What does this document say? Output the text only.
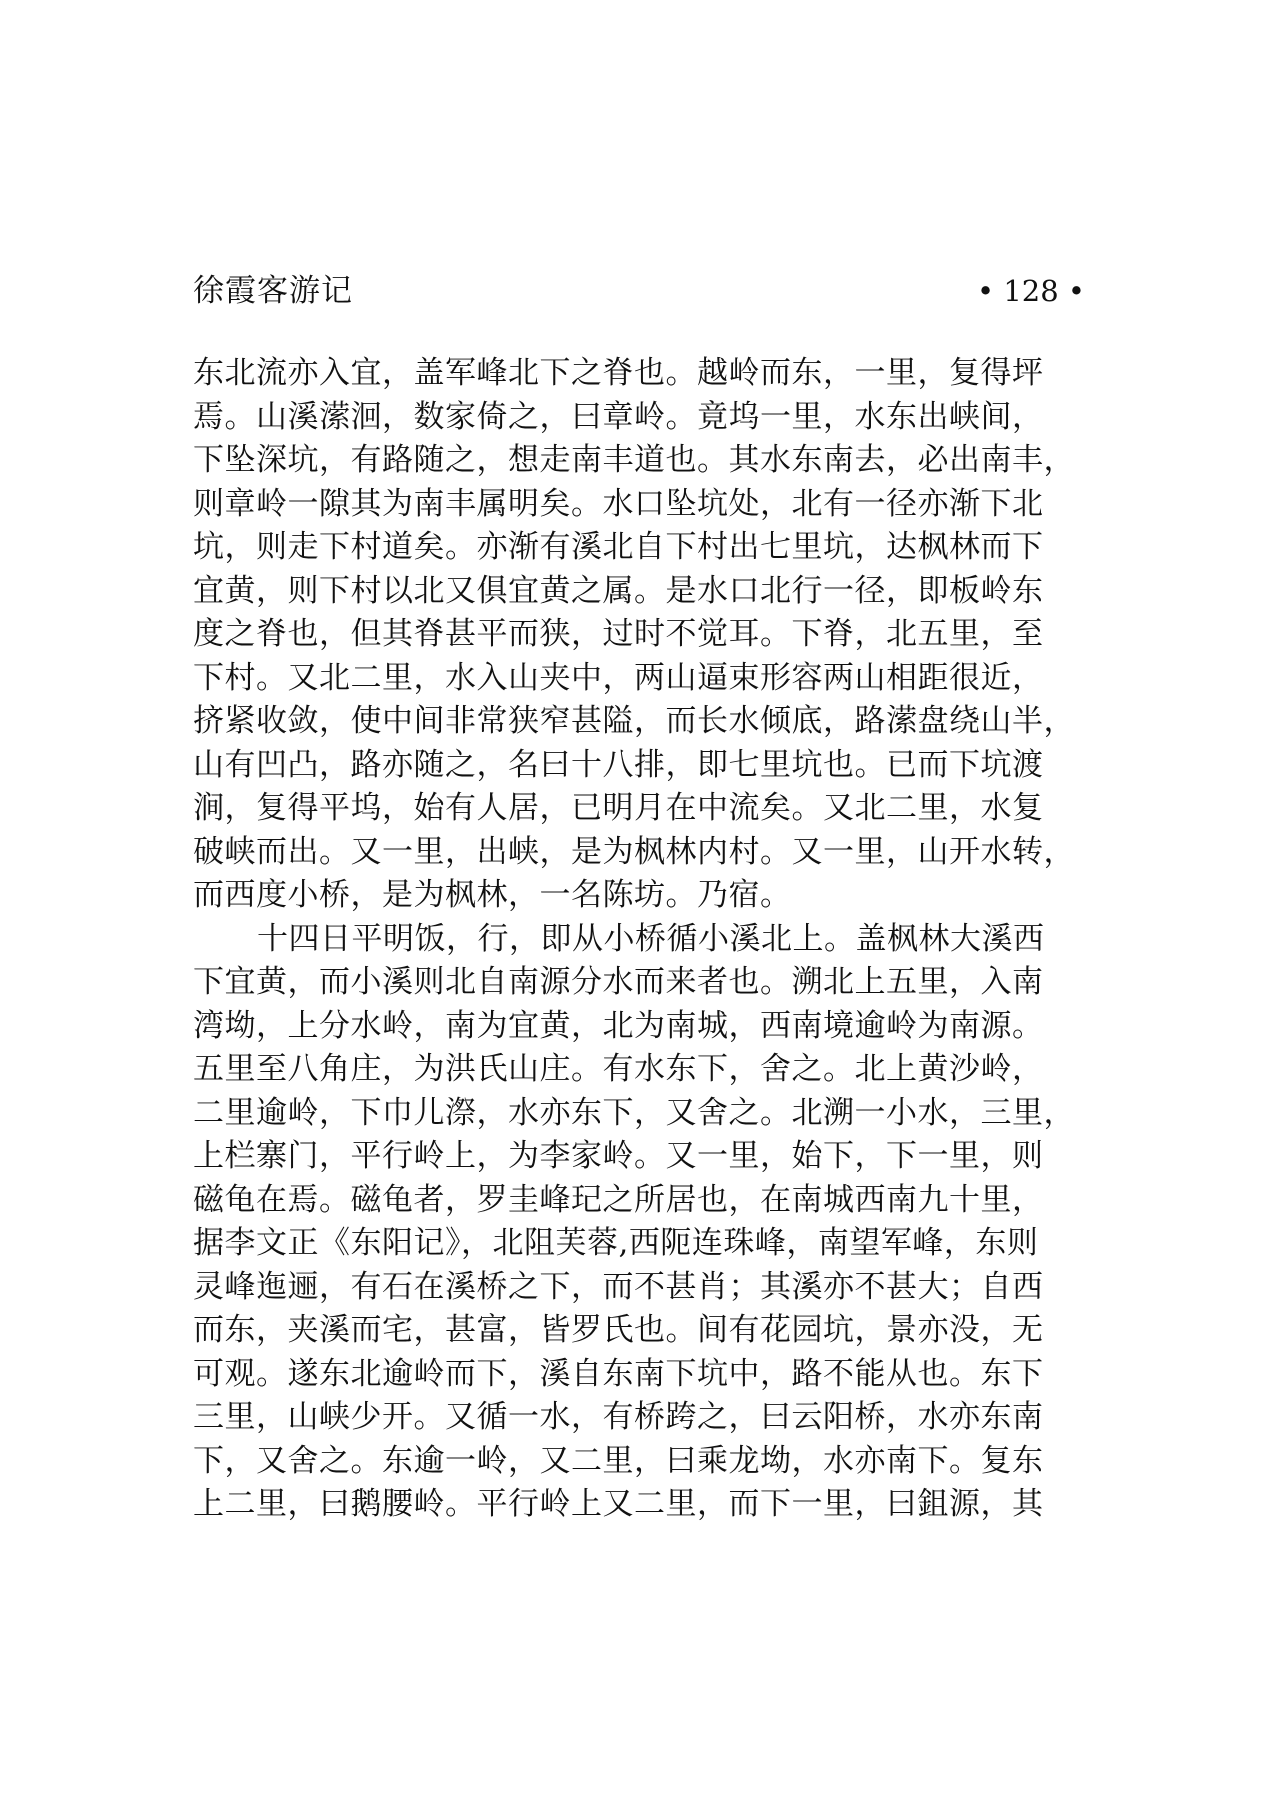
徐霞客游记	• 128 •
东北流亦入宜，盖军峰北下之脊也。越岭而东，一里，复得坪
焉。山溪潆洄，数家倚之，曰章岭。竟坞一里，水东出峡间，
下坠深坑，有路随之，想走南丰道也。其水东南去，必出南丰，
则章岭一隙其为南丰属明矣。水口坠坑处，北有一径亦渐下北
坑，则走下村道矣。亦渐有溪北自下村出七里坑，达枫林而下
宜黄，则下村以北又俱宜黄之属。是水口北行一径，即板岭东
度之脊也，但其脊甚平而狭，过时不觉耳。下脊，北五里，至
下村。又北二里，水入山夹中，两山逼束形容两山相距很近，
挤紧收敛，使中间非常狭窄甚隘，而长水倾底，路潆盘绕山半，
山有凹凸，路亦随之，名曰十八排，即七里坑也。已而下坑渡
涧，复得平坞，始有人居，已明月在中流矣。又北二里，水复
破峡而出。又一里，出峡，是为枫林内村。又一里，山开水转，
而西度小桥，是为枫林，一名陈坊。乃宿。
十四日平明饭，行，即从小桥循小溪北上。盖枫林大溪西
下宜黄，而小溪则北自南源分水而来者也。溯北上五里，入南
湾坳，上分水岭，南为宜黄，北为南城，西南境逾岭为南源。
五里至八角庄，为洪氏山庄。有水东下，舍之。北上黄沙岭，
二里逾岭，下巾儿漈，水亦东下，又舍之。北溯一小水，三里，
上栏寨门，平行岭上，为李家岭。又一里，始下，下一里，则
磁龟在焉。磁龟者，罗圭峰玘之所居也，在南城西南九十里，
据李文正《东阳记》，北阻芙蓉,西阨连珠峰，南望军峰，东则
灵峰迤逦，有石在溪桥之下，而不甚肖；其溪亦不甚大；自西
而东，夹溪而宅，甚富，皆罗氏也。间有花园坑，景亦没，无
可观。遂东北逾岭而下，溪自东南下坑中，路不能从也。东下
三里，山峡少开。又循一水，有桥跨之，曰云阳桥，水亦东南
下，又舍之。东逾一岭，又二里，曰乘龙坳，水亦南下。复东
上二里，曰鹅腰岭。平行岭上又二里，而下一里，曰鉏源，其
